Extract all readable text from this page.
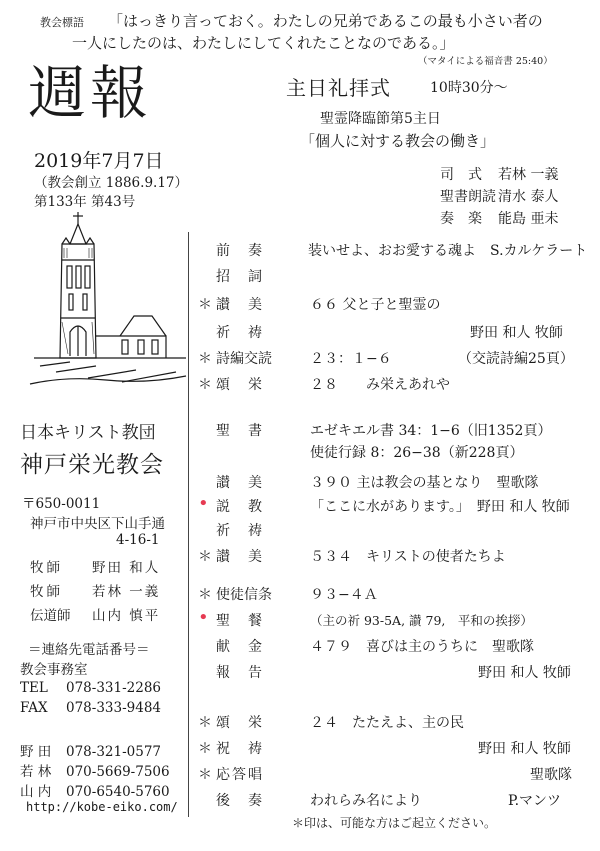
教会標語 「はっきり言っておく。わたしの兄弟であるこの最も小さい者の
一人にしたのは、わたしにしてくれたことなのである。」
（マタイによる福音書 25:40）
週報
2019年7月7日
（教会創立 1886.9.17）
第133年 第43号
日本キリスト教団
神戸栄光教会
〒650-0011
神戸市中央区下山手通
4-16-1
牧師 野田 和人
牧師 若林 一義
伝道師 山内 慎平
＝連絡先電話番号＝
教会事務室
TEL 078-331-2286
FAX 078-333-9484
野 田 078-321-0577
若 林 070-5669-7506
山 内 070-6540-5760
http://kobe-eiko.com/
主日礼拝式	10時30分～
聖霊降臨節第5主日
「個人に対する教会の働き」
司　式 若林 一義
聖書朗読 清水 泰人
奏　楽 能島 亜未
前　奏	装いせよ、おお愛する魂よ　S.カルケラート
招　詞
＊ 讃　美	６６ 父と子と聖霊の
祈　祷	野田 和人 牧師
＊ 詩編交読	２３：１−６	（交読詩編25頁）
＊ 頌　栄	２８　　み栄えあれや
聖　書	エゼキエル書 34：1−6（旧1352頁）
使徒行録 8：26−38（新228頁）
讃　美	３９０ 主は教会の基となり　聖歌隊
• 説　教	「ここに水があります。」　野田 和人 牧師
祈　祷
＊ 讃　美	５３４　キリストの使者たちよ
＊ 使徒信条	９３−４Ａ
• 聖　餐	（主の祈 93-5A, 讃 79,　平和の挨拶）
献　金	４７９　喜びは主のうちに　聖歌隊
報　告	野田 和人 牧師
＊ 頌　栄	２４　たたえよ、主の民
＊ 祝　祷	野田 和人 牧師
＊ 応答唱	聖歌隊
後　奏	われらみ名により	P.マンツ
＊印は、可能な方はご起立ください。
